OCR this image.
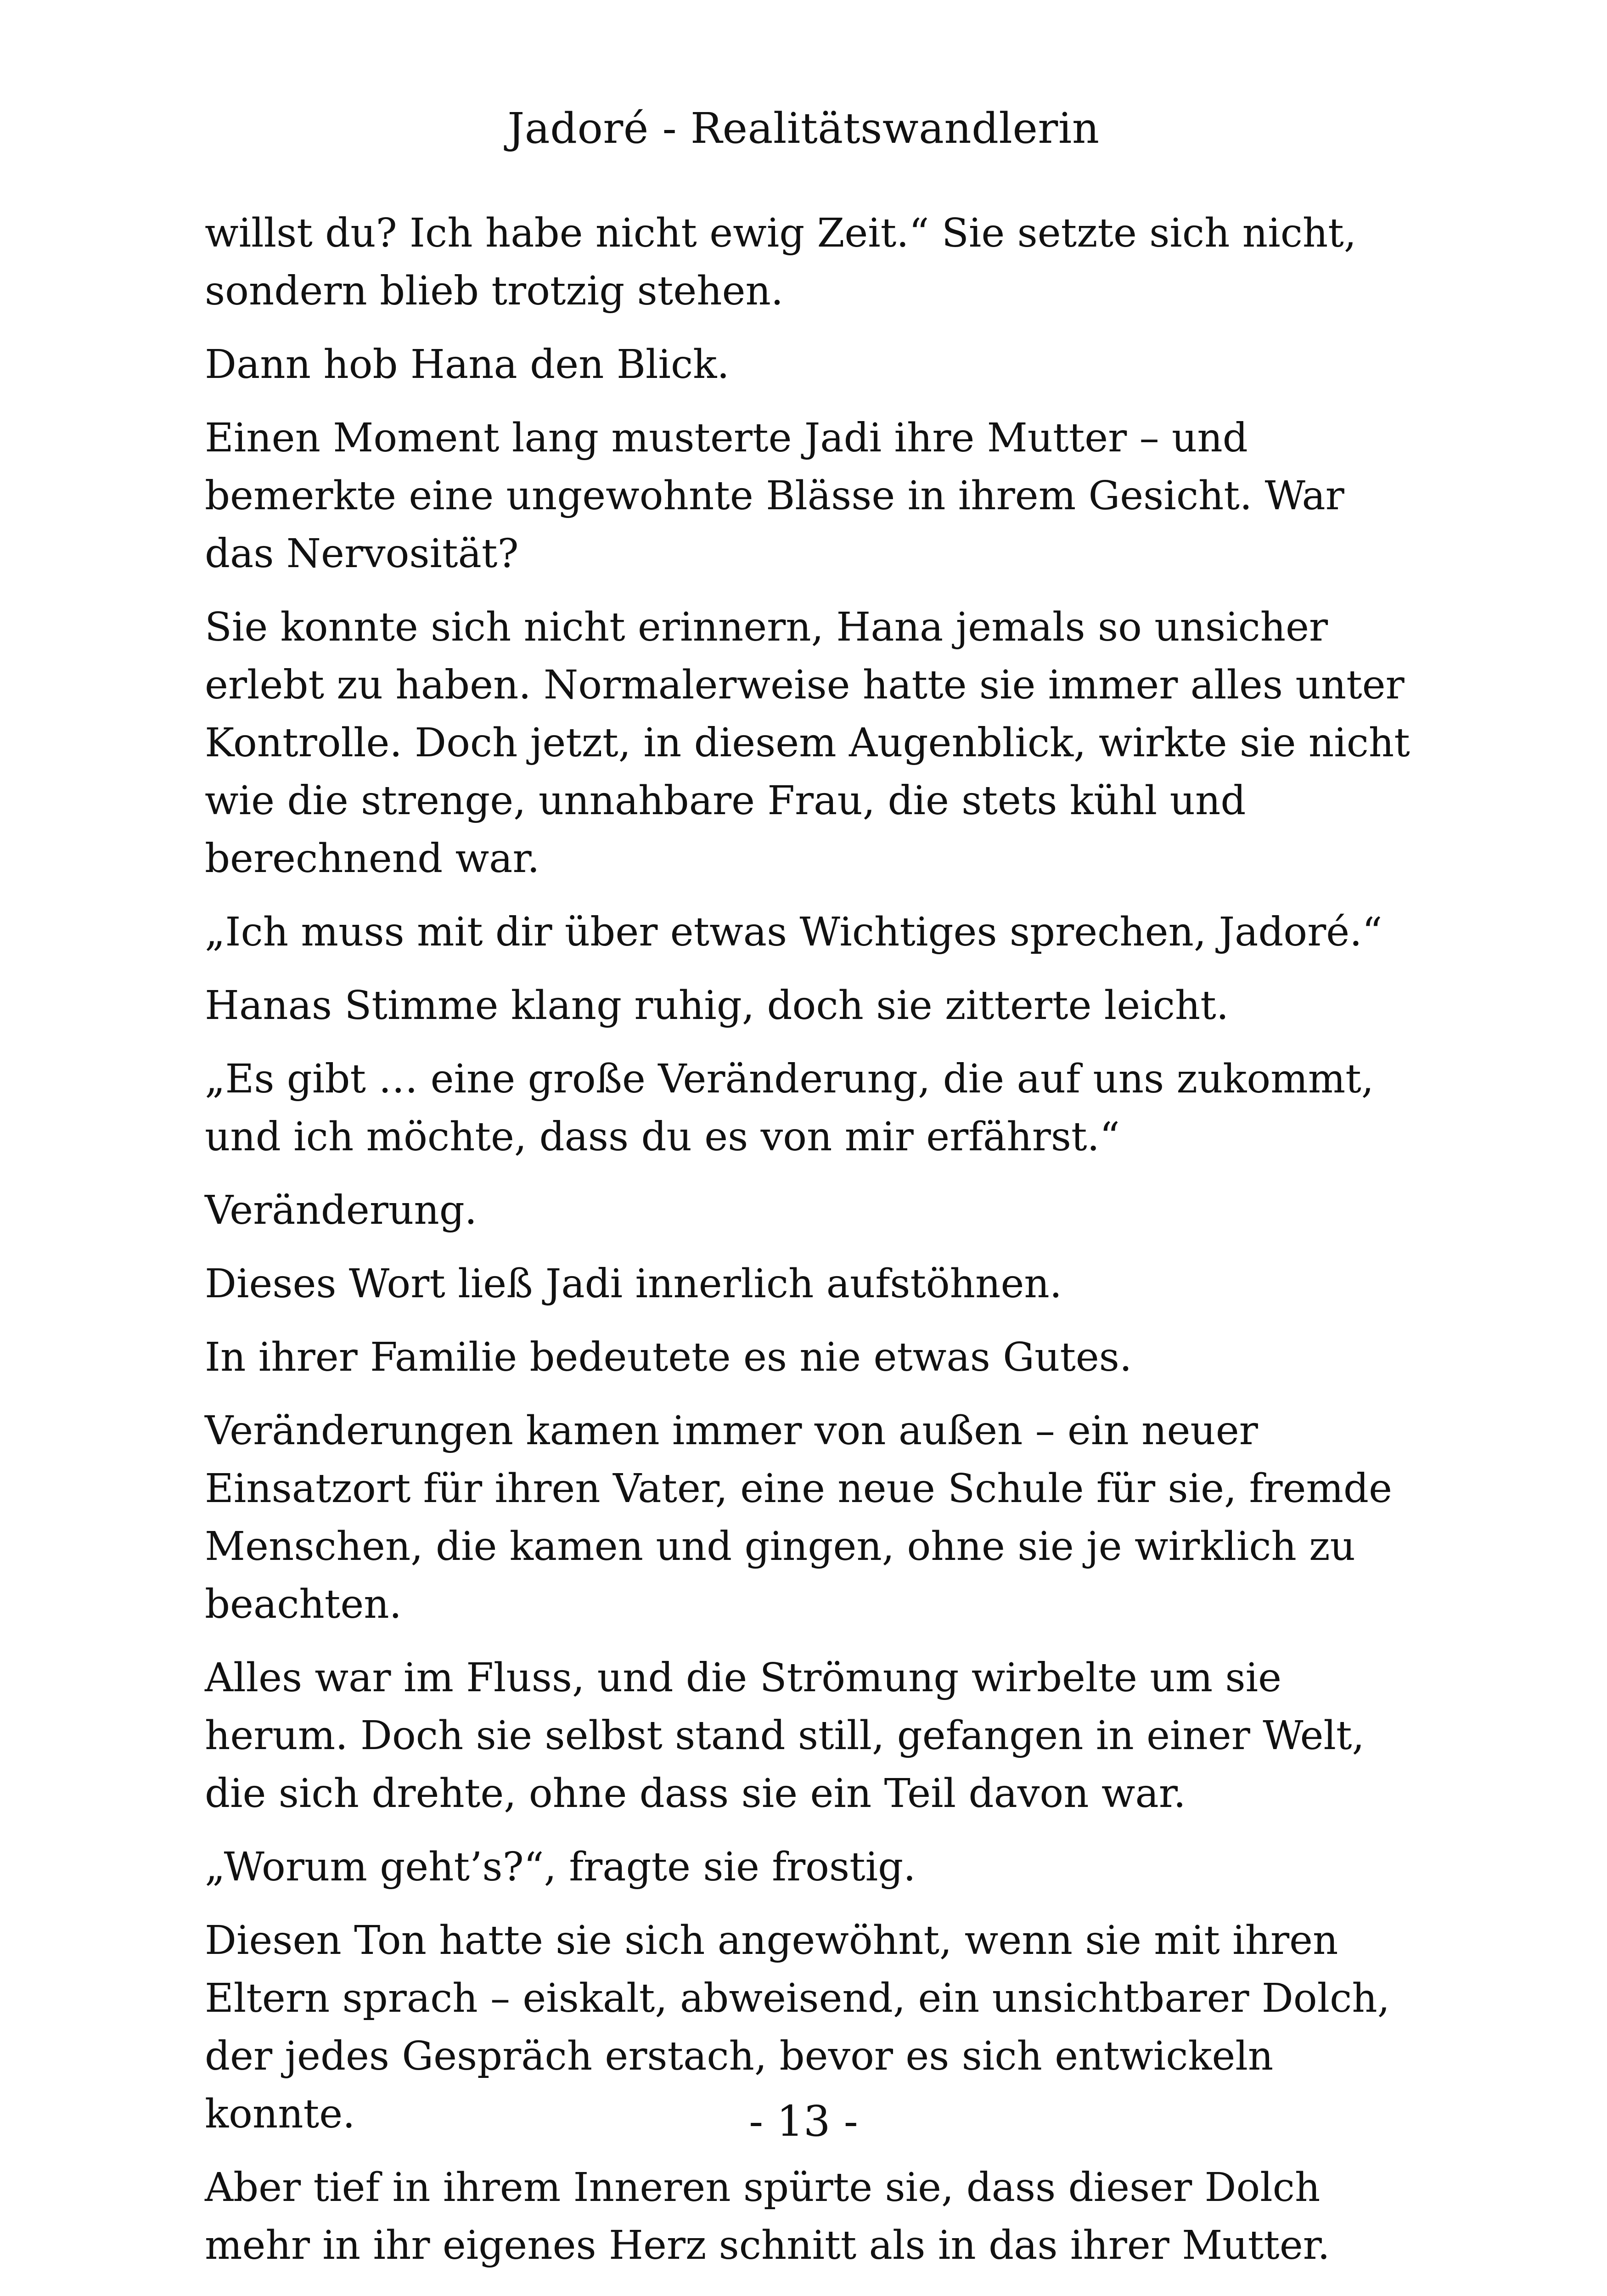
Jadoré - Realitätswandlerin

willst du? Ich habe nicht ewig Zeit.“ Sie setzte sich nicht, sondern blieb trotzig stehen.

Dann hob Hana den Blick.

Einen Moment lang musterte Jadi ihre Mutter – und bemerkte eine ungewohnte Blässe in ihrem Gesicht. War das Nervosität?

Sie konnte sich nicht erinnern, Hana jemals so unsicher erlebt zu haben. Normalerweise hatte sie immer alles unter Kontrolle. Doch jetzt, in diesem Augenblick, wirkte sie nicht wie die strenge, unnahbare Frau, die stets kühl und berechnend war.

„Ich muss mit dir über etwas Wichtiges sprechen, Jadoré.“

Hanas Stimme klang ruhig, doch sie zitterte leicht.

„Es gibt … eine große Veränderung, die auf uns zukommt, und ich möchte, dass du es von mir erfährst.“

Veränderung.

Dieses Wort ließ Jadi innerlich aufstöhnen.

In ihrer Familie bedeutete es nie etwas Gutes.

Veränderungen kamen immer von außen – ein neuer Einsatzort für ihren Vater, eine neue Schule für sie, fremde Menschen, die kamen und gingen, ohne sie je wirklich zu beachten.

Alles war im Fluss, und die Strömung wirbelte um sie herum. Doch sie selbst stand still, gefangen in einer Welt, die sich drehte, ohne dass sie ein Teil davon war.

„Worum geht’s?“, fragte sie frostig.

Diesen Ton hatte sie sich angewöhnt, wenn sie mit ihren Eltern sprach – eiskalt, abweisend, ein unsichtbarer Dolch, der jedes Gespräch erstach, bevor es sich entwickeln konnte.

Aber tief in ihrem Inneren spürte sie, dass dieser Dolch mehr in ihr eigenes Herz schnitt als in das ihrer Mutter.

- 13 -
